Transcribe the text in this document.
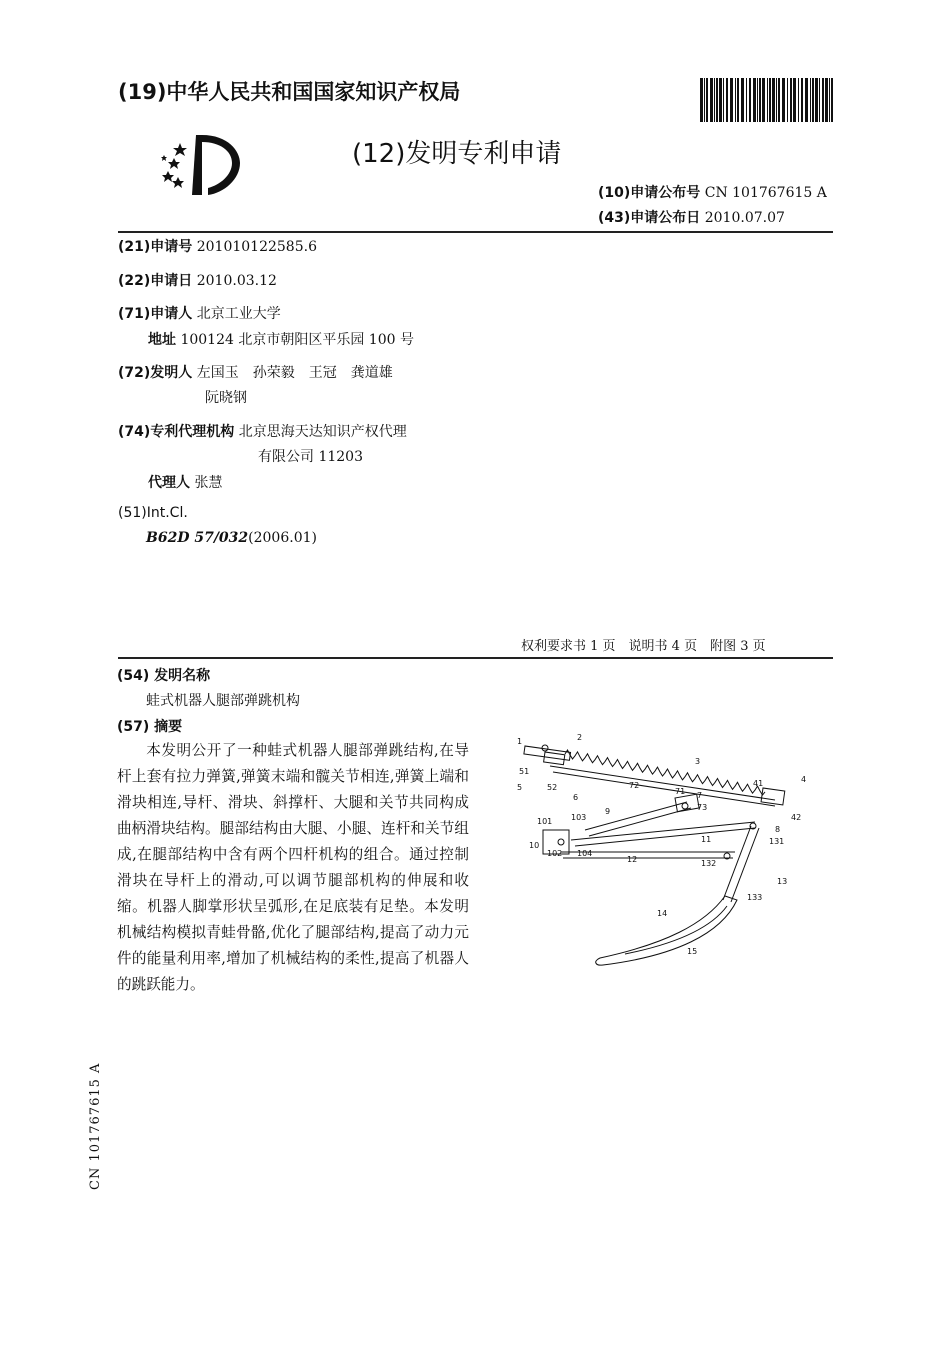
(19)中华人民共和国国家知识产权局
(12)发明专利申请
(10)申请公布号 CN 101767615 A
(43)申请公布日 2010.07.07
(21)申请号 201010122585.6
(22)申请日 2010.03.12
(71)申请人 北京工业大学
地址 100124 北京市朝阳区平乐园 100 号
(72)发明人 左国玉　孙荣毅　王冠　龚道雄
阮晓钢
(74)专利代理机构 北京思海天达知识产权代理
有限公司 11203
代理人 张慧
(51)Int.Cl.
B62D 57/032(2006.01)
权利要求书 1 页　说明书 4 页　附图 3 页
(54) 发明名称
蛙式机器人腿部弹跳机构
(57) 摘要
本发明公开了一种蛙式机器人腿部弹跳结构,在导杆上套有拉力弹簧,弹簧末端和髋关节相连,弹簧上端和滑块相连,导杆、滑块、斜撑杆、大腿和关节共同构成曲柄滑块结构。腿部结构由大腿、小腿、连杆和关节组成,在腿部结构中含有两个四杆机构的组合。通过控制滑块在导杆上的滑动,可以调节腿部机构的伸展和收缩。机器人脚掌形状呈弧形,在足底装有足垫。本发明机械结构模拟青蛙骨骼,优化了腿部结构,提高了动力元件的能量利用率,增加了机械结构的柔性,提高了机器人的跳跃能力。
1	2
3
4
51
5	52
6
72
71 7
73
41
42
8
9
101 103
10
102 104
11	131
12	132
13
133
14
15
CN 101767615 A
